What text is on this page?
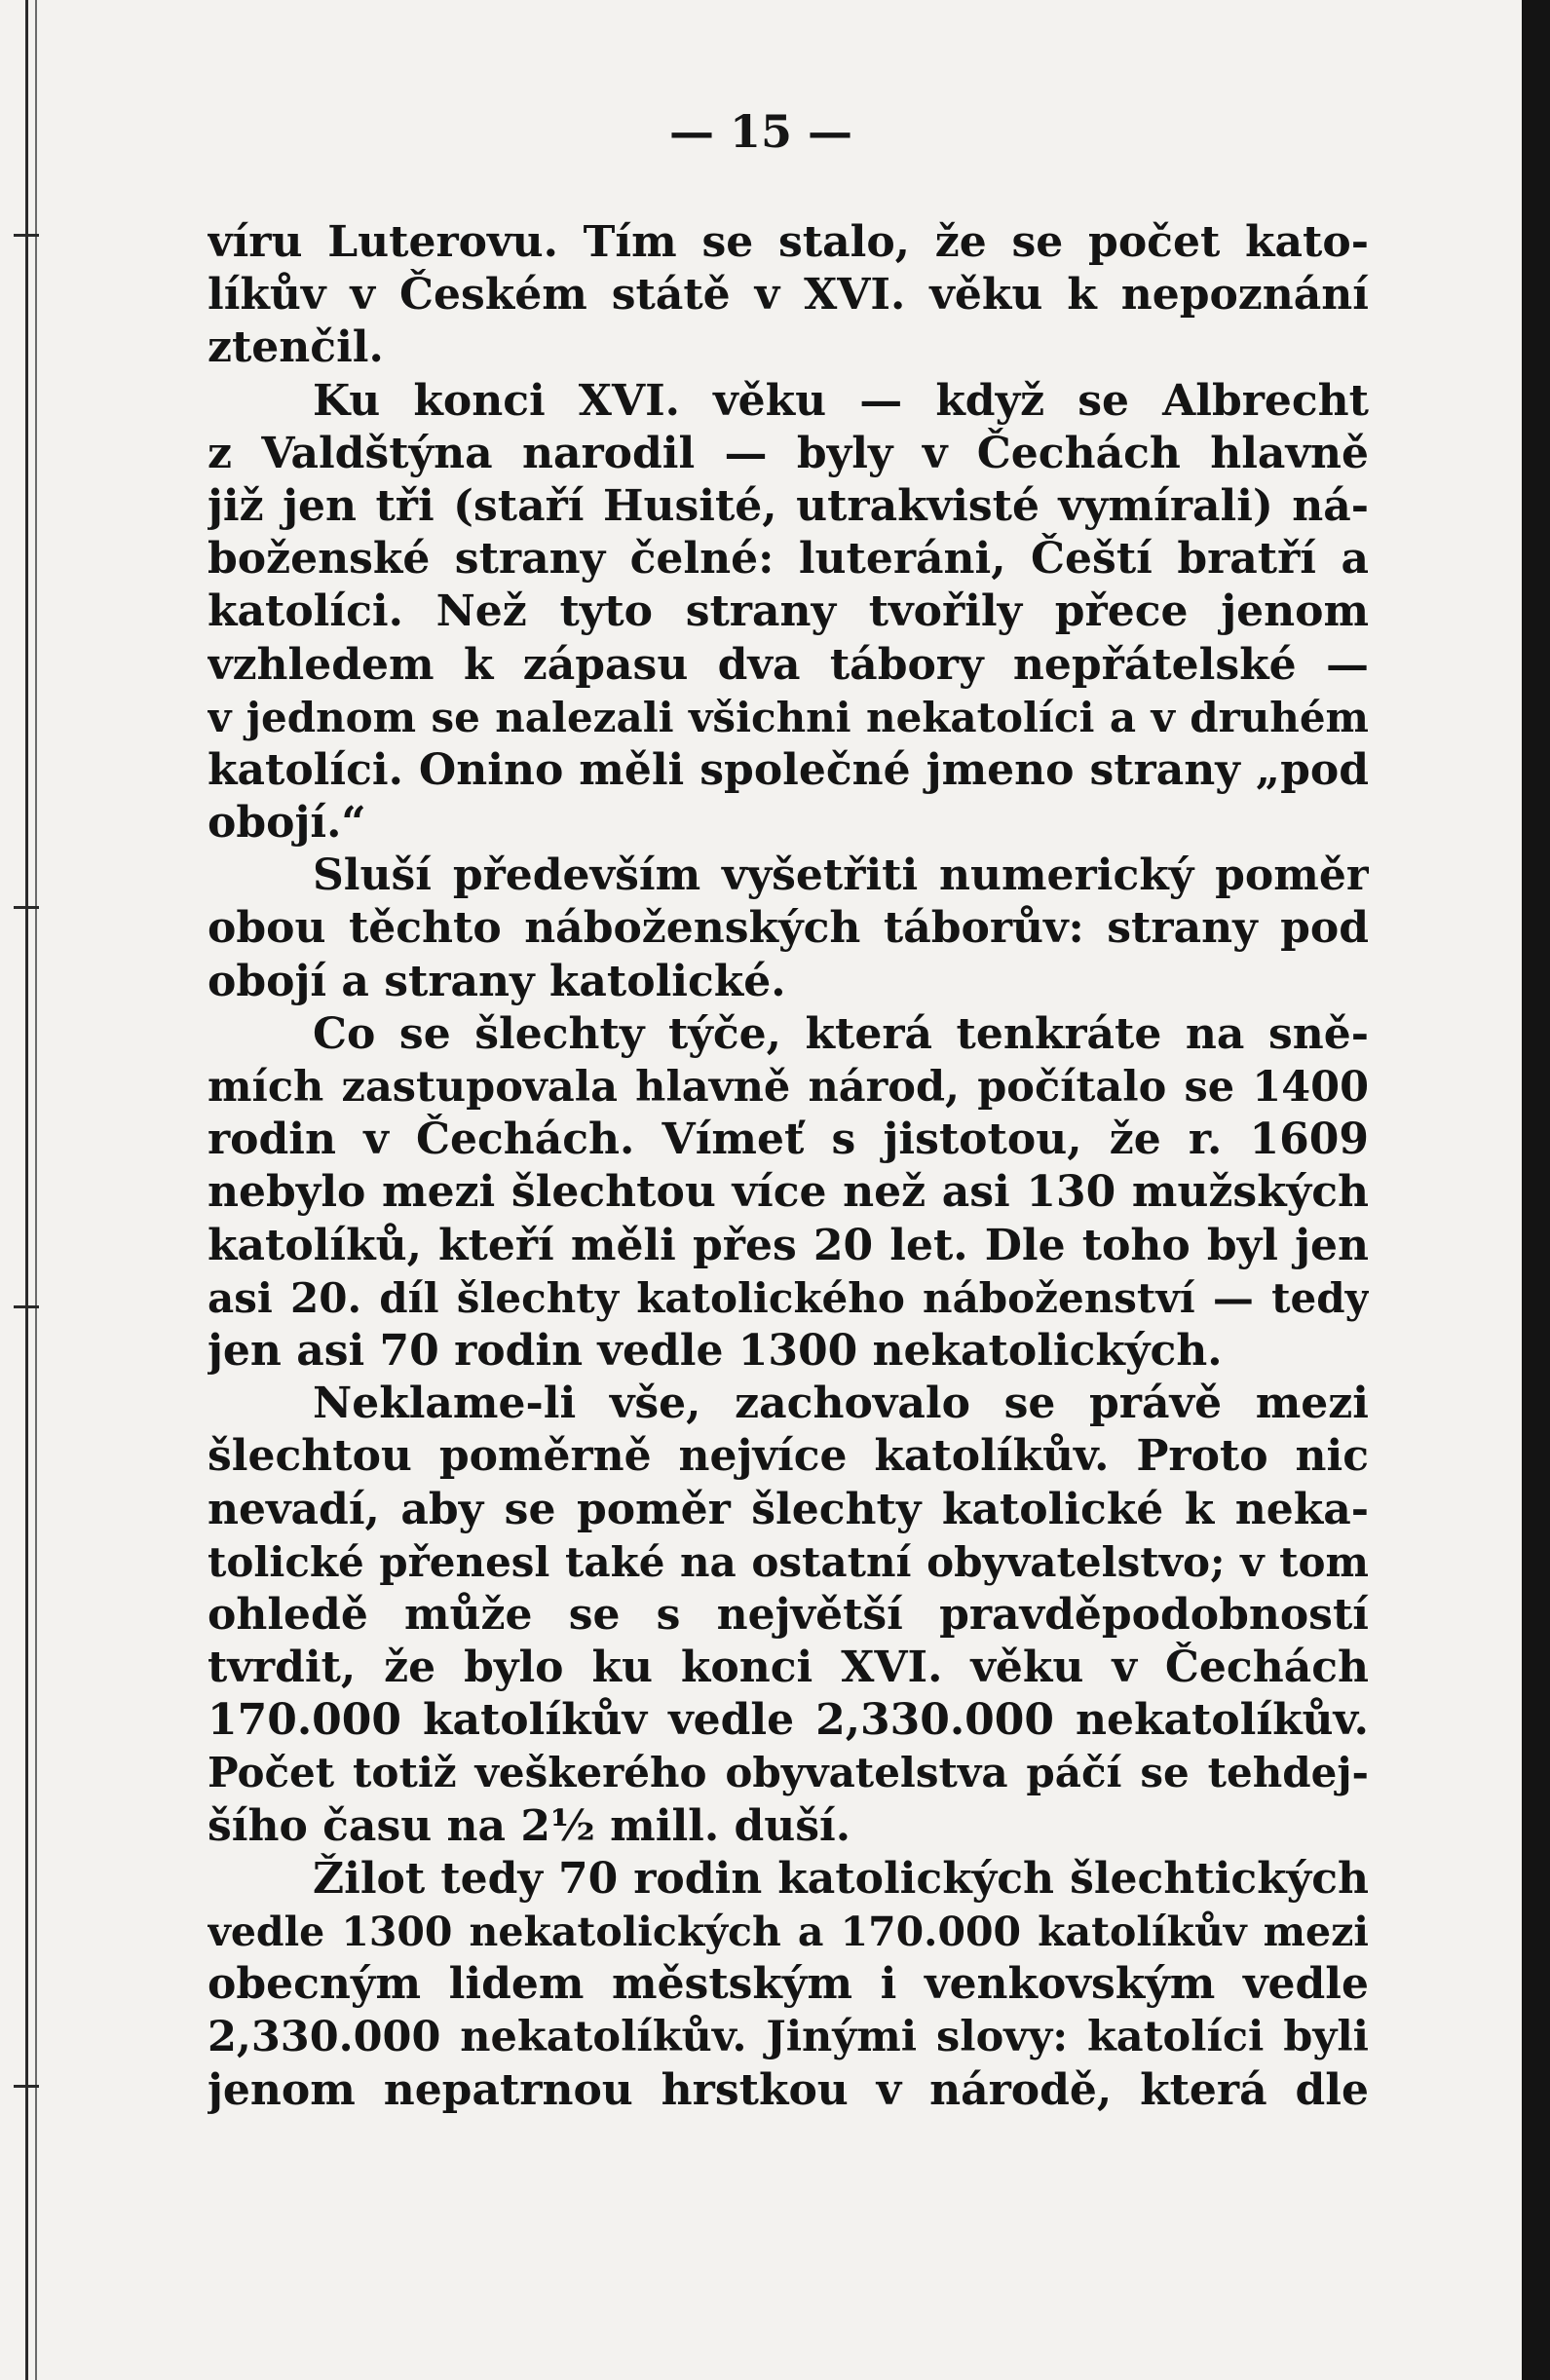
— 15 —
víru Luterovu. Tím se stalo, že se počet kato-
líkův v Českém státě v XVI. věku k nepoznání
ztenčil.
Ku konci XVI. věku — když se Albrecht
z Valdštýna narodil — byly v Čechách hlavně
již jen tři (staří Husité, utrakvisté vymírali) ná-
boženské strany čelné: luteráni, Čeští bratří a
katolíci. Než tyto strany tvořily přece jenom
vzhledem k zápasu dva tábory nepřátelské —
v jednom se nalezali všichni nekatolíci a v druhém
katolíci. Onino měli společné jmeno strany „pod
obojí.“
Sluší především vyšetřiti numerický poměr
obou těchto náboženských táborův: strany pod
obojí a strany katolické.
Co se šlechty týče, která tenkráte na sně-
mích zastupovala hlavně národ, počítalo se 1400
rodin v Čechách. Vímeť s jistotou, že r. 1609
nebylo mezi šlechtou více než asi 130 mužských
katolíků, kteří měli přes 20 let. Dle toho byl jen
asi 20. díl šlechty katolického náboženství — tedy
jen asi 70 rodin vedle 1300 nekatolických.
Neklame-li vše, zachovalo se právě mezi
šlechtou poměrně nejvíce katolíkův. Proto nic
nevadí, aby se poměr šlechty katolické k neka-
tolické přenesl také na ostatní obyvatelstvo; v tom
ohledě může se s největší pravděpodobností
tvrdit, že bylo ku konci XVI. věku v Čechách
170.000 katolíkův vedle 2,330.000 nekatolíkův.
Počet totiž veškerého obyvatelstva páčí se tehdej-
šího času na 2½ mill. duší.
Žilot tedy 70 rodin katolických šlechtických
vedle 1300 nekatolických a 170.000 katolíkův mezi
obecným lidem městským i venkovským vedle
2,330.000 nekatolíkův. Jinými slovy: katolíci byli
jenom nepatrnou hrstkou v národě, která dle
